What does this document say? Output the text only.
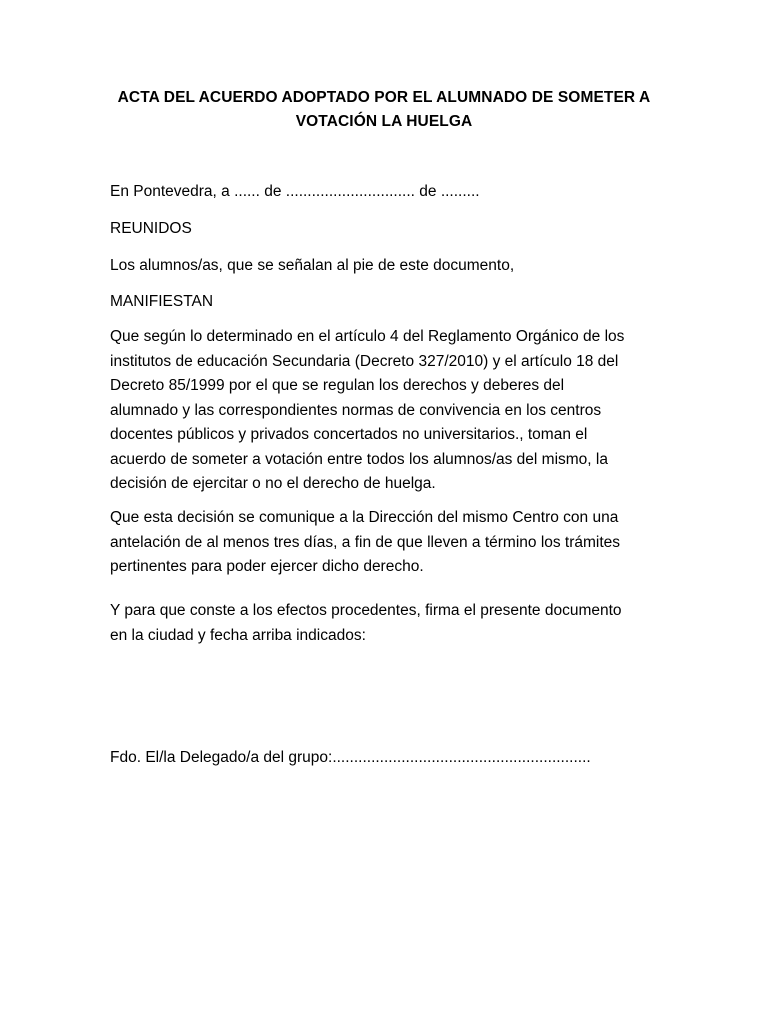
ACTA DEL ACUERDO ADOPTADO POR EL ALUMNADO DE SOMETER A
VOTACIÓN LA HUELGA
En Pontevedra, a ...... de .............................. de .........
REUNIDOS
Los alumnos/as, que se señalan al pie de este documento,
MANIFIESTAN
Que según lo determinado en el artículo 4 del Reglamento Orgánico de los
institutos de educación Secundaria (Decreto 327/2010) y el artículo 18 del
Decreto 85/1999 por el que se regulan los derechos y deberes del
alumnado y las correspondientes normas de convivencia en los centros
docentes públicos y privados concertados no universitarios., toman el
acuerdo de someter a votación entre todos los alumnos/as del mismo, la
decisión de ejercitar o no el derecho de huelga.
Que esta decisión se comunique a la Dirección del mismo Centro con una
antelación de al menos tres días, a fin de que lleven a término los trámites
pertinentes para poder ejercer dicho derecho.
Y para que conste a los efectos procedentes, firma el presente documento
en la ciudad y fecha arriba indicados:
Fdo. El/la Delegado/a del grupo:............................................................
